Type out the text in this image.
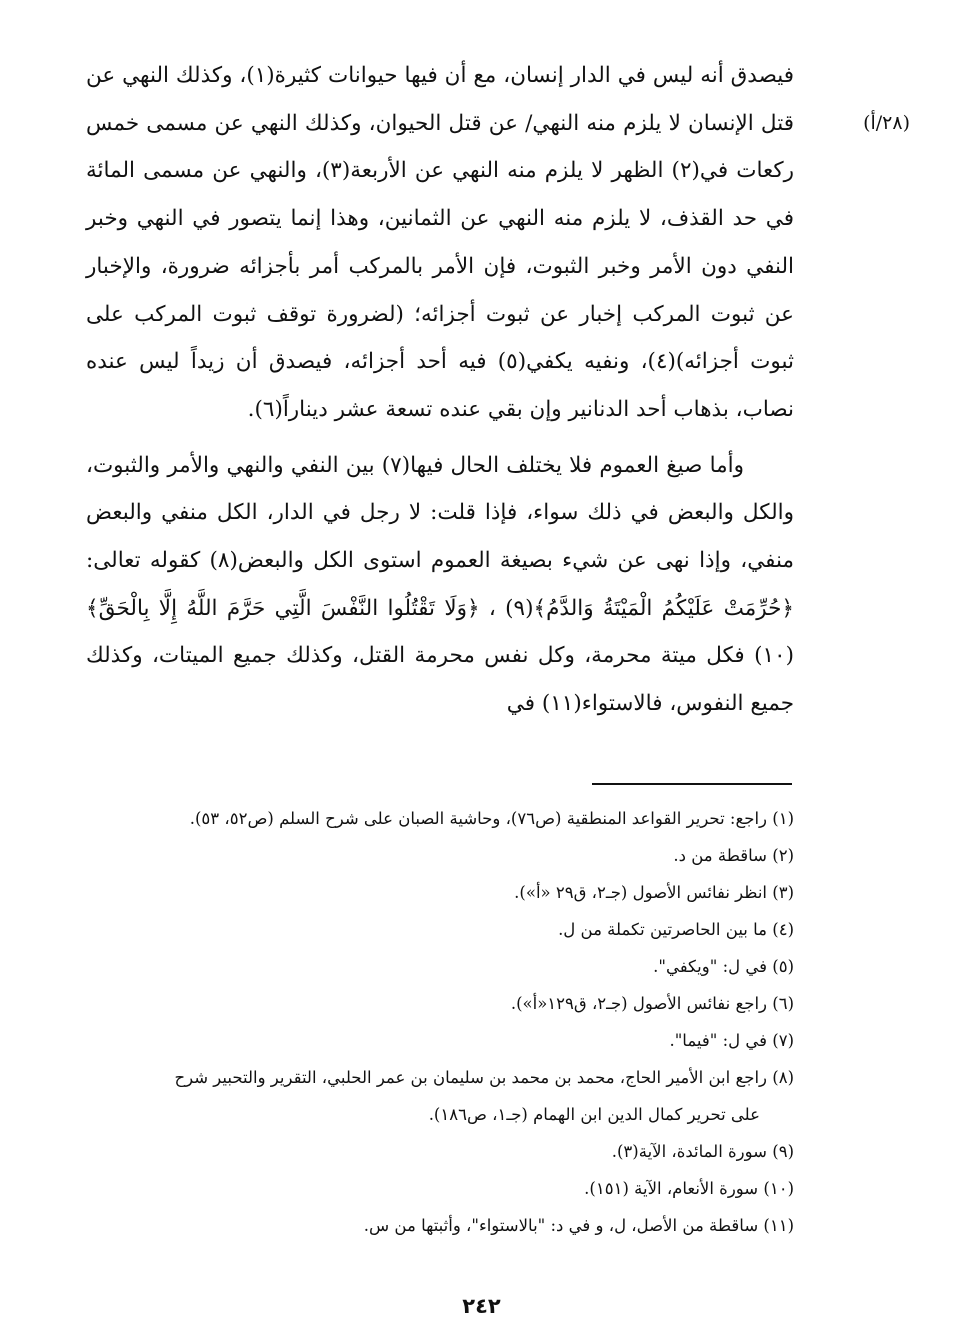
(٢٨/أ)

فيصدق أنه ليس في الدار إنسان، مع أن فيها حيوانات كثيرة(١)، وكذلك النهي عن قتل الإنسان لا يلزم منه النهي/ عن قتل الحيوان، وكذلك النهي عن مسمى خمس ركعات في(٢) الظهر لا يلزم منه النهي عن الأربعة(٣)، والنهي عن مسمى المائة في حد القذف، لا يلزم منه النهي عن الثمانين، وهذا إنما يتصور في النهي وخبر النفي دون الأمر وخبر الثبوت، فإن الأمر بالمركب أمر بأجزائه ضرورة، والإخبار عن ثبوت المركب إخبار عن ثبوت أجزائه؛ (لضرورة توقف ثبوت المركب على ثبوت أجزائه)(٤)، ونفيه يكفي(٥) فيه أحد أجزائه، فيصدق أن زيداً ليس عنده نصاب، بذهاب أحد الدنانير وإن بقي عنده تسعة عشر ديناراً(٦).

وأما صيغ العموم فلا يختلف الحال فيها(٧) بين النفي والنهي والأمر والثبوت، والكل والبعض في ذلك سواء، فإذا قلت: لا رجل في الدار، الكل منفي والبعض منفي، وإذا نهى عن شيء بصيغة العموم استوى الكل والبعض(٨) كقوله تعالى: ﴿حُرِّمَتْ عَلَيْكُمُ الْمَيْتَةُ وَالدَّمُ﴾(٩) ، ﴿وَلَا تَقْتُلُوا النَّفْسَ الَّتِي حَرَّمَ اللَّهُ إِلَّا بِالْحَقِّ﴾(١٠) فكل ميتة محرمة، وكل نفس محرمة القتل، وكذلك جميع الميتات، وكذلك جميع النفوس، فالاستواء(١١) في

(١) راجع: تحرير القواعد المنطقية (ص٧٦)، وحاشية الصبان على شرح السلم (ص٥٢، ٥٣).

(٢) ساقطة من د.

(٣) انظر نفائس الأصول (جـ٢، ق٢٩ «أ»).

(٤) ما بين الحاصرتين تكملة من ل.

(٥) في ل: "ويكفي".

(٦) راجع نفائس الأصول (جـ٢، ق١٢٩«أ»).

(٧) في ل: "فيما".

(٨) راجع ابن الأمير الحاج، محمد بن محمد بن سليمان بن عمر الحلبي، التقرير والتحبير شرح

على تحرير كمال الدين ابن الهمام (جـ١، ص١٨٦).

(٩) سورة المائدة، الآية(٣).

(١٠) سورة الأنعام، الآية (١٥١).

(١١) ساقطة من الأصل، ل، و في د: "بالاستواء"، وأثبتها من س.

٢٤٢
